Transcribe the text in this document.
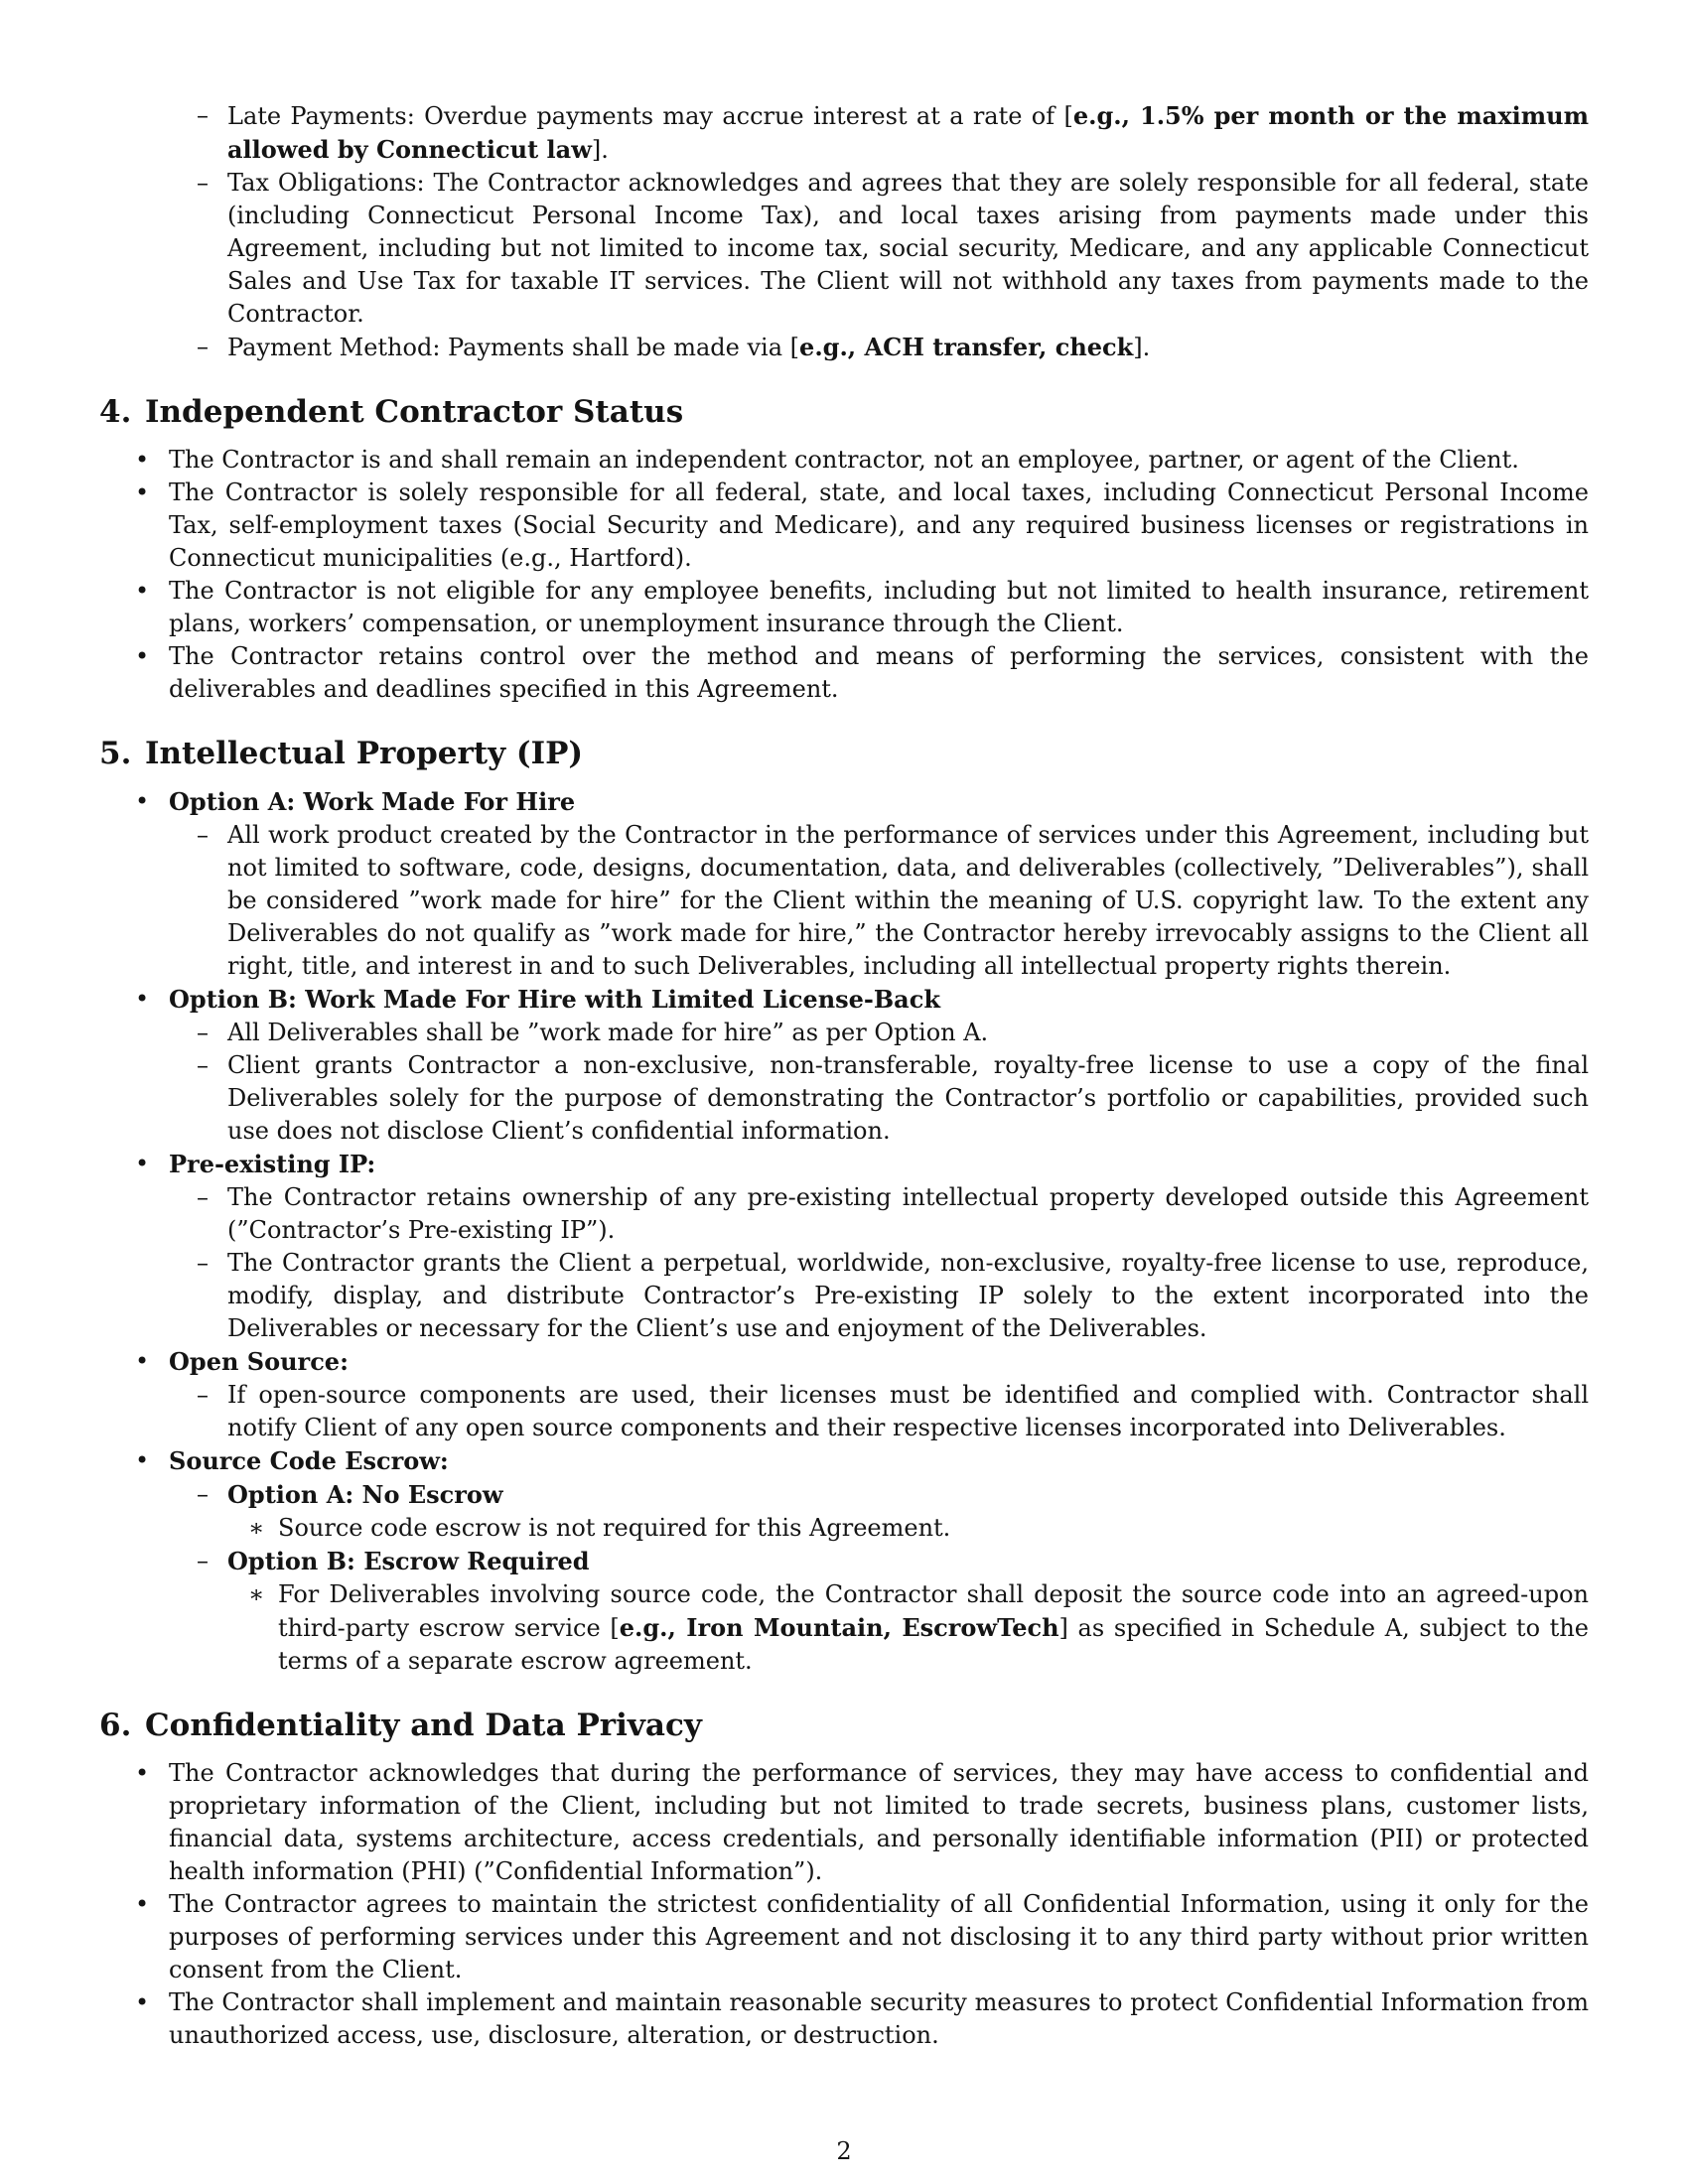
– Late Payments: Overdue payments may accrue interest at a rate of [e.g., 1.5% per month or the maximum allowed by Connecticut law].

– Tax Obligations: The Contractor acknowledges and agrees that they are solely responsible for all federal, state (including Connecticut Personal Income Tax), and local taxes arising from payments made under this Agreement, including but not limited to income tax, social security, Medicare, and any applicable Connecticut Sales and Use Tax for taxable IT services. The Client will not withhold any taxes from payments made to the Contractor.

– Payment Method: Payments shall be made via [e.g., ACH transfer, check].

4. Independent Contractor Status
• The Contractor is and shall remain an independent contractor, not an employee, partner, or agent of the Client.

• The Contractor is solely responsible for all federal, state, and local taxes, including Connecticut Personal Income Tax, self-employment taxes (Social Security and Medicare), and any required business licenses or registrations in Connecticut municipalities (e.g., Hartford).

• The Contractor is not eligible for any employee benefits, including but not limited to health insurance, retirement plans, workers’ compensation, or unemployment insurance through the Client.

• The Contractor retains control over the method and means of performing the services, consistent with the deliverables and deadlines specified in this Agreement.

5. Intellectual Property (IP)
• Option A: Work Made For Hire

– All work product created by the Contractor in the performance of services under this Agreement, including but not limited to software, code, designs, documentation, data, and deliverables (collectively, ”Deliverables”), shall be considered ”work made for hire” for the Client within the meaning of U.S. copyright law. To the extent any Deliverables do not qualify as ”work made for hire,” the Contractor hereby irrevocably assigns to the Client all right, title, and interest in and to such Deliverables, including all intellectual property rights therein.

• Option B: Work Made For Hire with Limited License-Back

– All Deliverables shall be ”work made for hire” as per Option A.

– Client grants Contractor a non-exclusive, non-transferable, royalty-free license to use a copy of the final Deliverables solely for the purpose of demonstrating the Contractor’s portfolio or capabilities, provided such use does not disclose Client’s confidential information.

• Pre-existing IP:

– The Contractor retains ownership of any pre-existing intellectual property developed outside this Agreement (”Contractor’s Pre-existing IP”).

– The Contractor grants the Client a perpetual, worldwide, non-exclusive, royalty-free license to use, reproduce, modify, display, and distribute Contractor’s Pre-existing IP solely to the extent incorporated into the Deliverables or necessary for the Client’s use and enjoyment of the Deliverables.

• Open Source:

– If open-source components are used, their licenses must be identified and complied with. Contractor shall notify Client of any open source components and their respective licenses incorporated into Deliverables.

• Source Code Escrow:

– Option A: No Escrow

∗ Source code escrow is not required for this Agreement.

– Option B: Escrow Required

∗ For Deliverables involving source code, the Contractor shall deposit the source code into an agreed-upon third-party escrow service [e.g., Iron Mountain, EscrowTech] as specified in Schedule A, subject to the terms of a separate escrow agreement.

6. Confidentiality and Data Privacy
• The Contractor acknowledges that during the performance of services, they may have access to confidential and proprietary information of the Client, including but not limited to trade secrets, business plans, customer lists, financial data, systems architecture, access credentials, and personally identifiable information (PII) or protected health information (PHI) (”Confidential Information”).

• The Contractor agrees to maintain the strictest confidentiality of all Confidential Information, using it only for the purposes of performing services under this Agreement and not disclosing it to any third party without prior written consent from the Client.

• The Contractor shall implement and maintain reasonable security measures to protect Confidential Information from unauthorized access, use, disclosure, alteration, or destruction.

2
